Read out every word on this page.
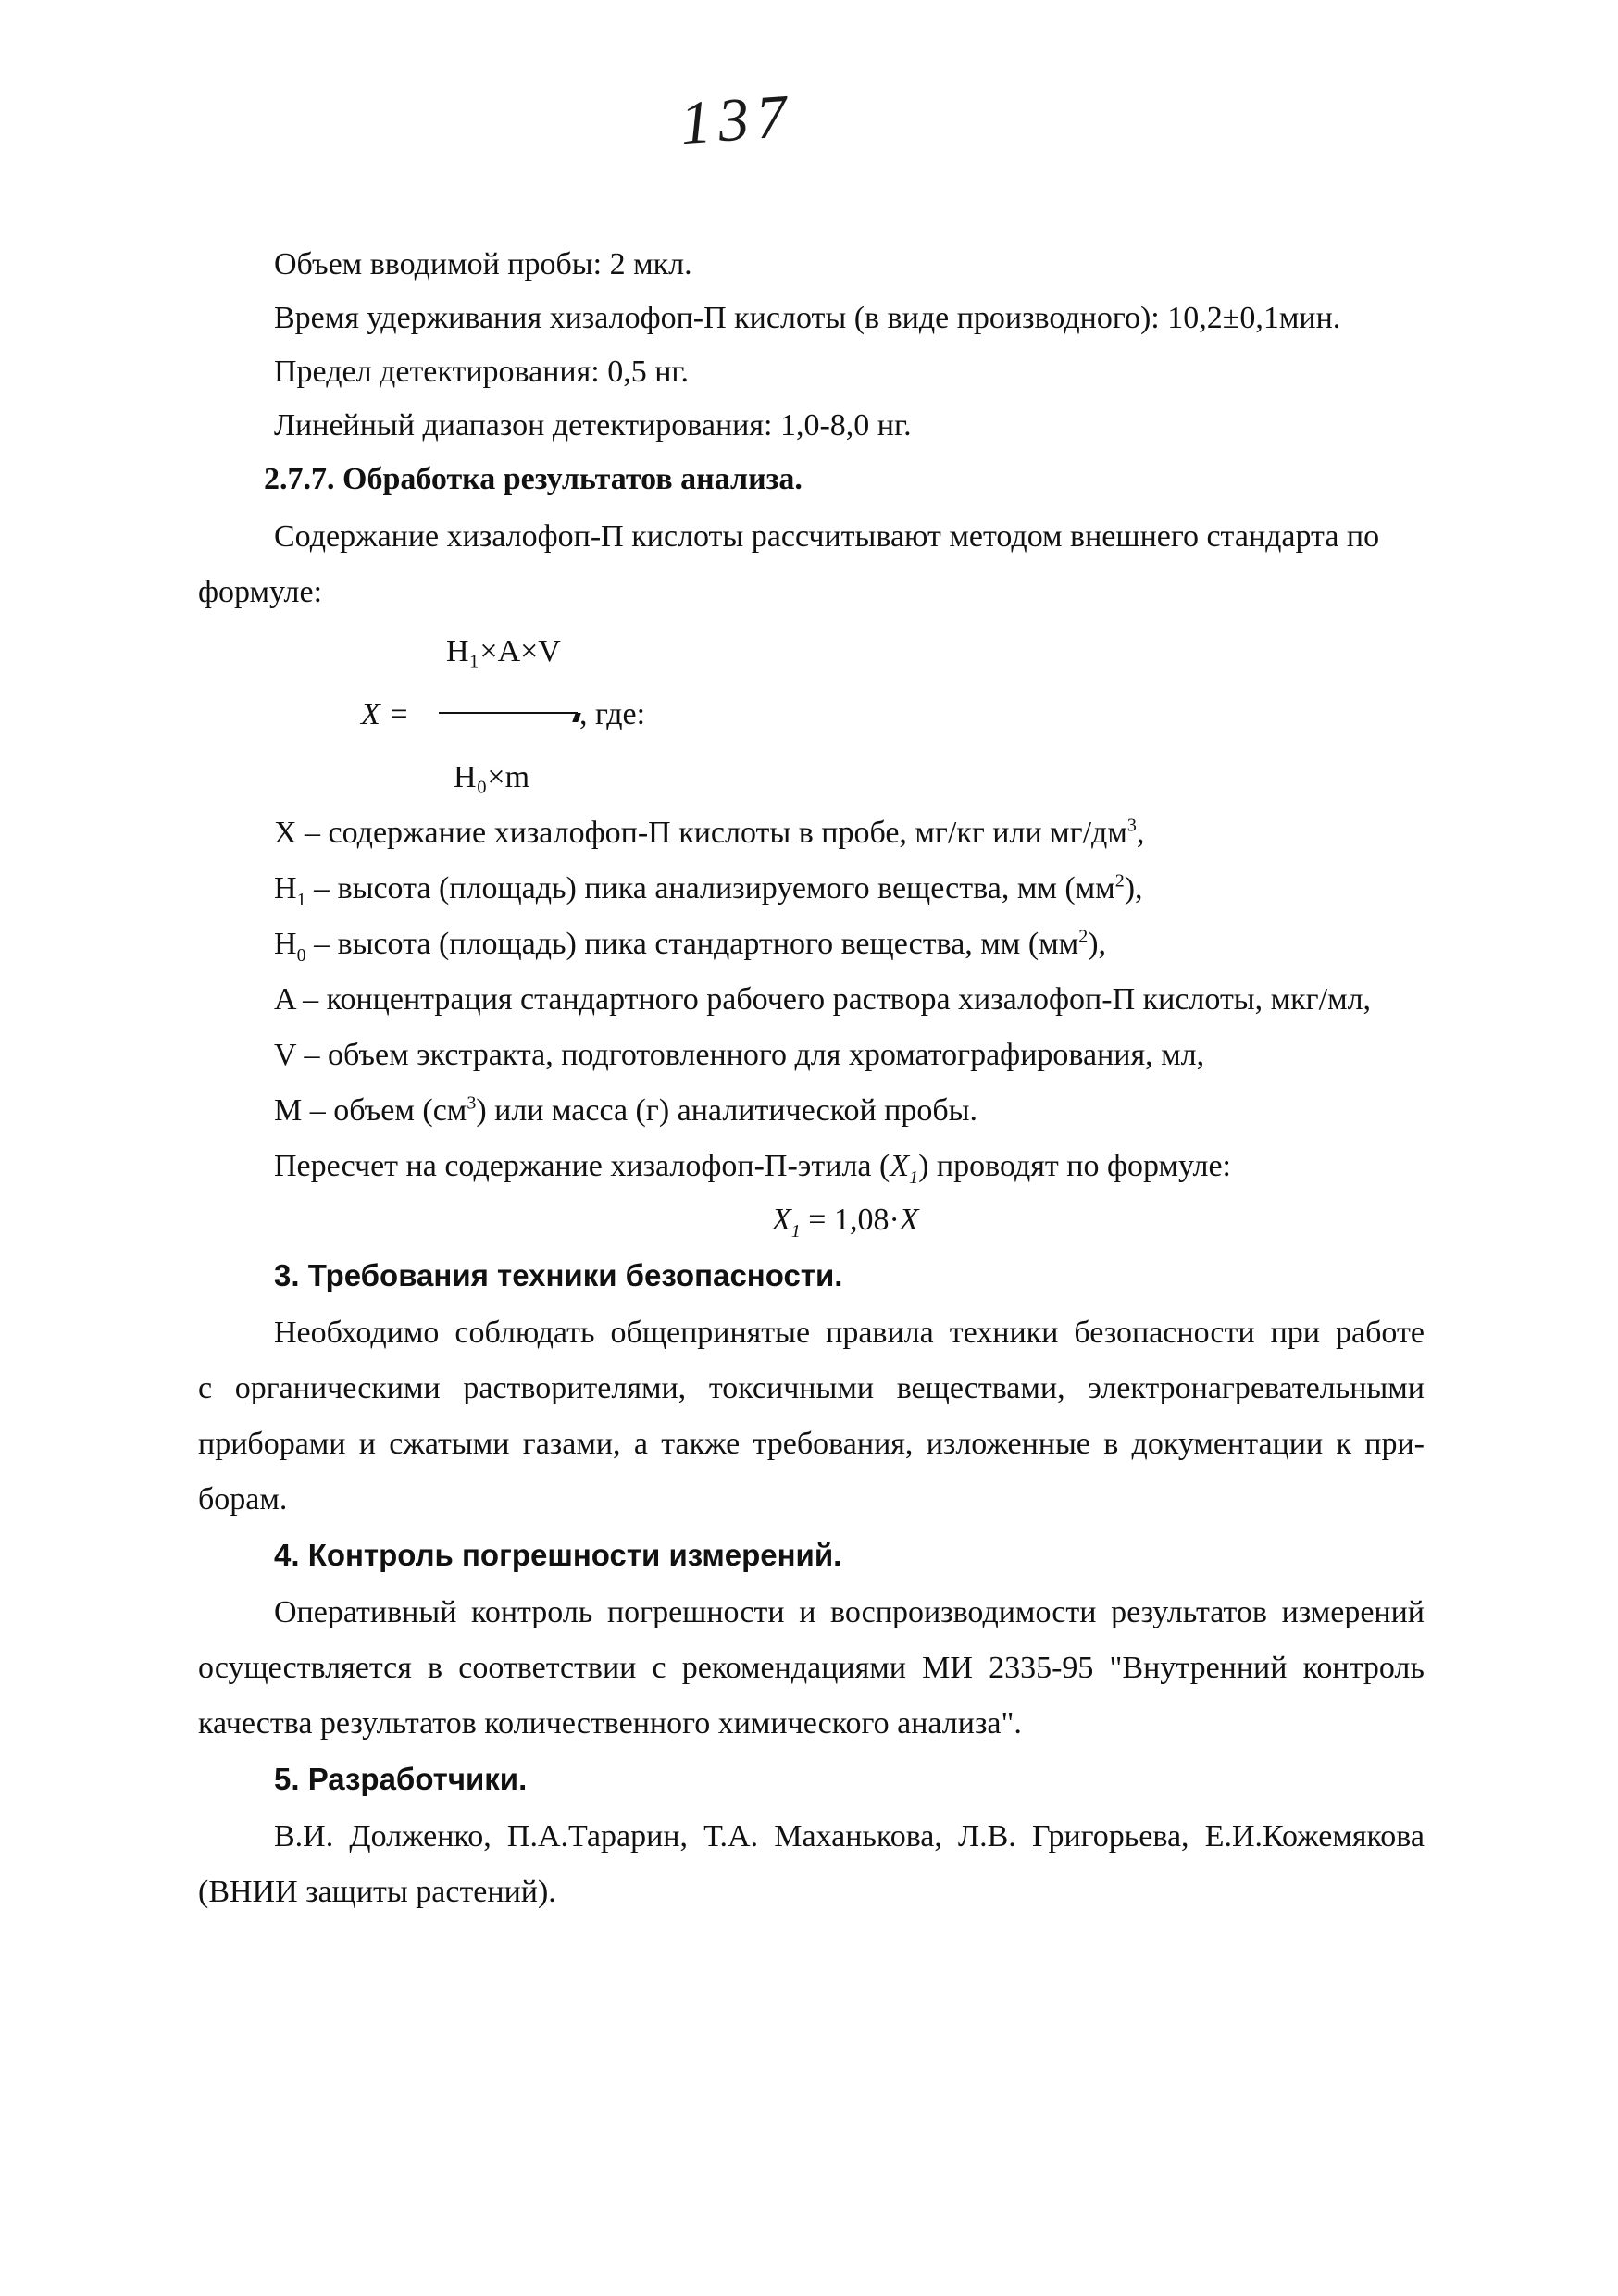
137
Объем вводимой пробы: 2 мкл.
Время удерживания хизалофоп-П кислоты (в виде производного): 10,2±0,1мин.
Предел детектирования: 0,5 нг.
Линейный диапазон детектирования: 1,0-8,0 нг.
2.7.7. Обработка результатов анализа.
Содержание хизалофоп-П кислоты рассчитывают методом внешнего стандарта по
формуле:
H₁×A×V
X =	, где:
H₀×m
X – содержание хизалофоп-П кислоты в пробе, мг/кг или $мг/дм^3$,
$H_1$ – высота (площадь) пика анализируемого вещества, мм $(мм^2)$,
$H_0$ – высота (площадь) пика стандартного вещества, мм $(мм^2)$,
A – концентрация стандартного рабочего раствора хизалофоп-П кислоты, мкг/мл,
V – объем экстракта, подготовленного для хроматографирования, мл,
M – объем $(см^3)$ или масса (г) аналитической пробы.
Пересчет на содержание хизалофоп-П-этила $(X_1)$ проводят по формуле:
$X_1 = 1,08\cdot X$
3. Требования техники безопасности.
Необходимо соблюдать общепринятые правила техники безопасности при работе
с органическими растворителями, токсичными веществами, электронагревательными
приборами и сжатыми газами, а также требования, изложенные в документации к при-
борам.
4. Контроль погрешности измерений.
Оперативный контроль погрешности и воспроизводимости результатов измерений
осуществляется в соответствии с рекомендациями МИ 2335-95 "Внутренний контроль
качества результатов количественного химического анализа".
5. Разработчики.
В.И. Долженко, П.А.Тарарин, Т.А. Маханькова, Л.В. Григорьева, Е.И.Кожемякова
(ВНИИ защиты растений).
